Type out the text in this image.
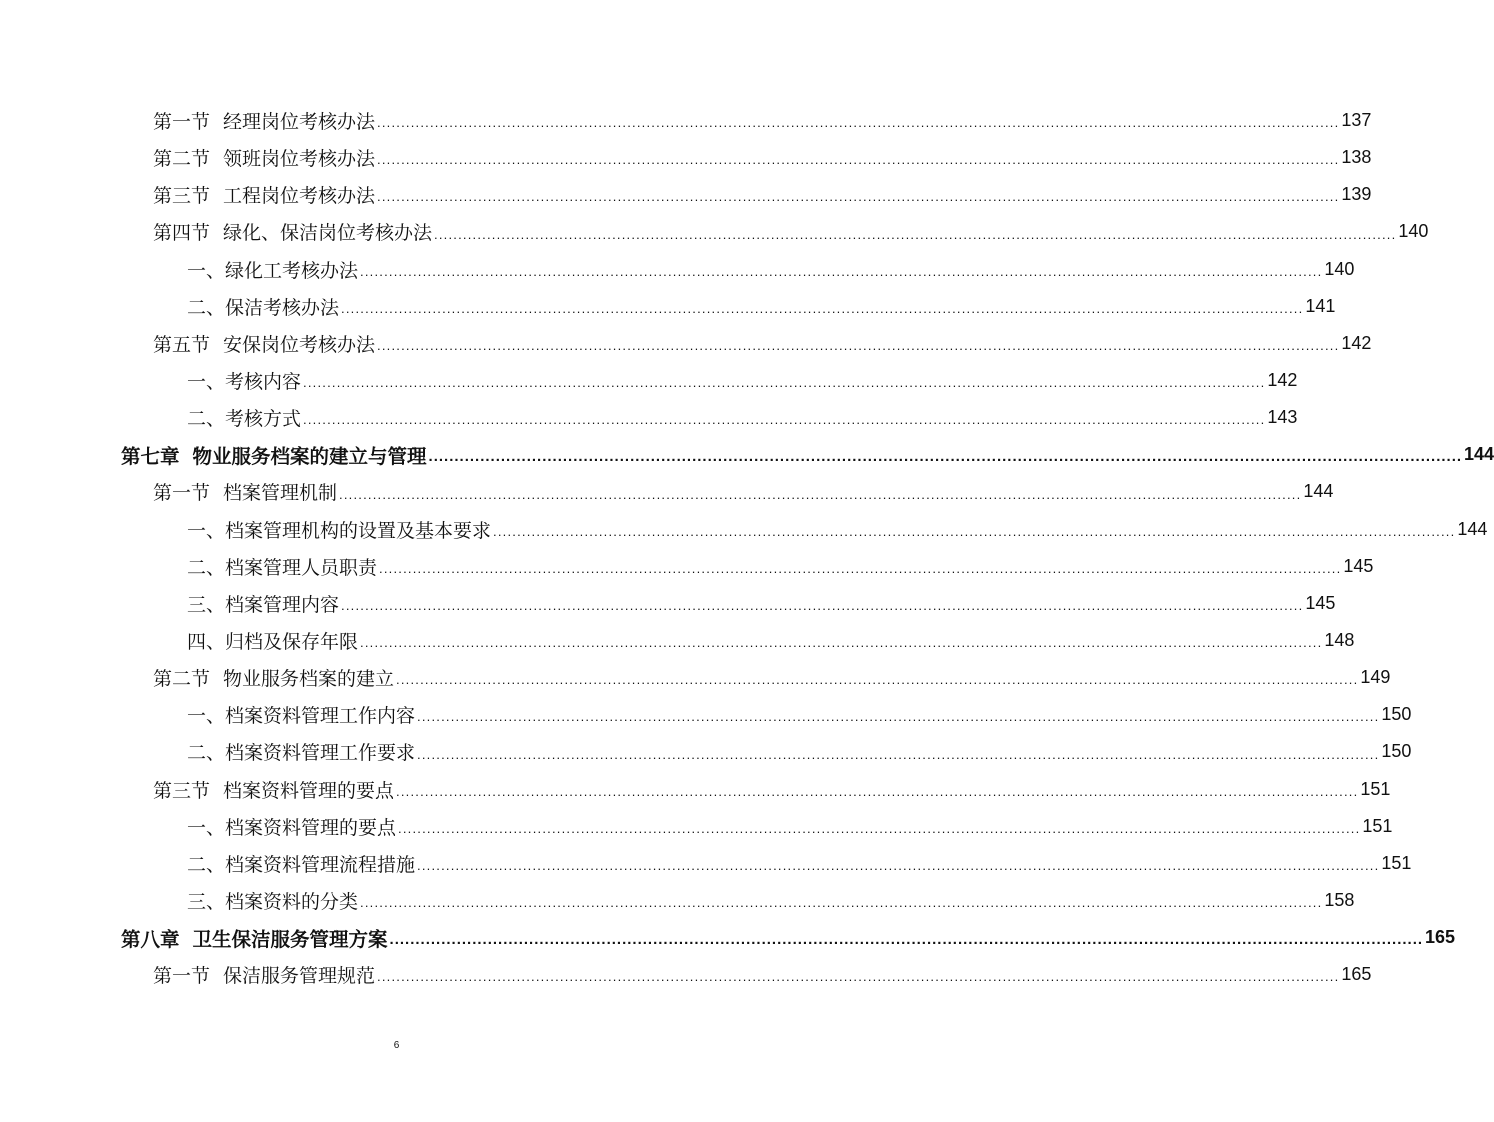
第一节 经理岗位考核办法 ........................................................................................................................................................................................................ 137
第二节 领班岗位考核办法 ........................................................................................................................................................................................................ 138
第三节 工程岗位考核办法 ........................................................................................................................................................................................................ 139
第四节 绿化、保洁岗位考核办法 ........................................................................................................................................................................................................ 140
一、绿化工考核办法 ........................................................................................................................................................................................................ 140
二、保洁考核办法 ........................................................................................................................................................................................................ 141
第五节 安保岗位考核办法 ........................................................................................................................................................................................................ 142
一、考核内容 ........................................................................................................................................................................................................ 142
二、考核方式 ........................................................................................................................................................................................................ 143
第七章 物业服务档案的建立与管理 ........................................................................................................................................................................................................ 144
第一节 档案管理机制 ........................................................................................................................................................................................................ 144
一、档案管理机构的设置及基本要求 ........................................................................................................................................................................................................ 144
二、档案管理人员职责 ........................................................................................................................................................................................................ 145
三、档案管理内容 ........................................................................................................................................................................................................ 145
四、归档及保存年限 ........................................................................................................................................................................................................ 148
第二节 物业服务档案的建立 ........................................................................................................................................................................................................ 149
一、档案资料管理工作内容 ........................................................................................................................................................................................................ 150
二、档案资料管理工作要求 ........................................................................................................................................................................................................ 150
第三节 档案资料管理的要点 ........................................................................................................................................................................................................ 151
一、档案资料管理的要点 ........................................................................................................................................................................................................ 151
二、档案资料管理流程措施 ........................................................................................................................................................................................................ 151
三、档案资料的分类 ........................................................................................................................................................................................................ 158
第八章 卫生保洁服务管理方案 ........................................................................................................................................................................................................ 165
第一节 保洁服务管理规范 ........................................................................................................................................................................................................ 165
6
